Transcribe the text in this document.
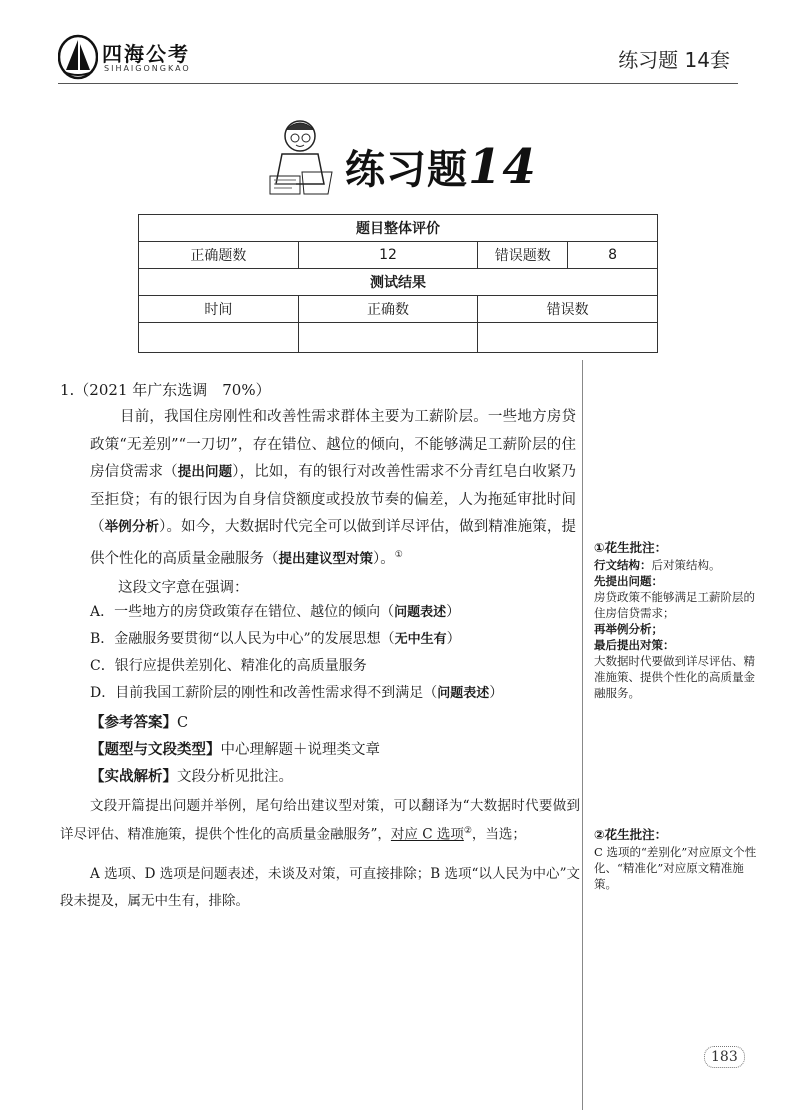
四海公考
SIHAIGONGKAO	练习题 14套
练习题14
题目整体评价			
正确题数	12	错误题数	8
测试结果			
时间	正确数	错误数	

1.（2021 年广东选调　70%）
目前，我国住房刚性和改善性需求群体主要为工薪阶层。一些地方房贷政策“无差别”“一刀切”，存在错位、越位的倾向，不能够满足工薪阶层的住房信贷需求（提出问题），比如，有的银行对改善性需求不分青红皂白收紧乃至拒贷；有的银行因为自身信贷额度或投放节奏的偏差，人为拖延审批时间（举例分析）。如今，大数据时代完全可以做到详尽评估，做到精准施策，提供个性化的高质量金融服务（提出建议型对策）。①
这段文字意在强调：
A．一些地方的房贷政策存在错位、越位的倾向（问题表述）
B．金融服务要贯彻“以人民为中心”的发展思想（无中生有）
C．银行应提供差别化、精准化的高质量服务
D．目前我国工薪阶层的刚性和改善性需求得不到满足（问题表述）
【参考答案】C
【题型与文段类型】中心理解题＋说理类文章
【实战解析】文段分析见批注。
文段开篇提出问题并举例，尾句给出建议型对策，可以翻译为“大数据时代要做到详尽评估、精准施策，提供个性化的高质量金融服务”，对应 C 选项②，当选；
A 选项、D 选项是问题表述，未谈及对策，可直接排除；B 选项“以人民为中心”文段未提及，属无中生有，排除。
①花生批注：
行文结构：后对策结构。
先提出问题：
房贷政策不能够满足工薪阶层的住房信贷需求；
再举例分析；
最后提出对策：
大数据时代要做到详尽评估、精准施策、提供个性化的高质量金融服务。
②花生批注：
C 选项的“差别化”对应原文个性化、“精准化”对应原文精准施策。
183
